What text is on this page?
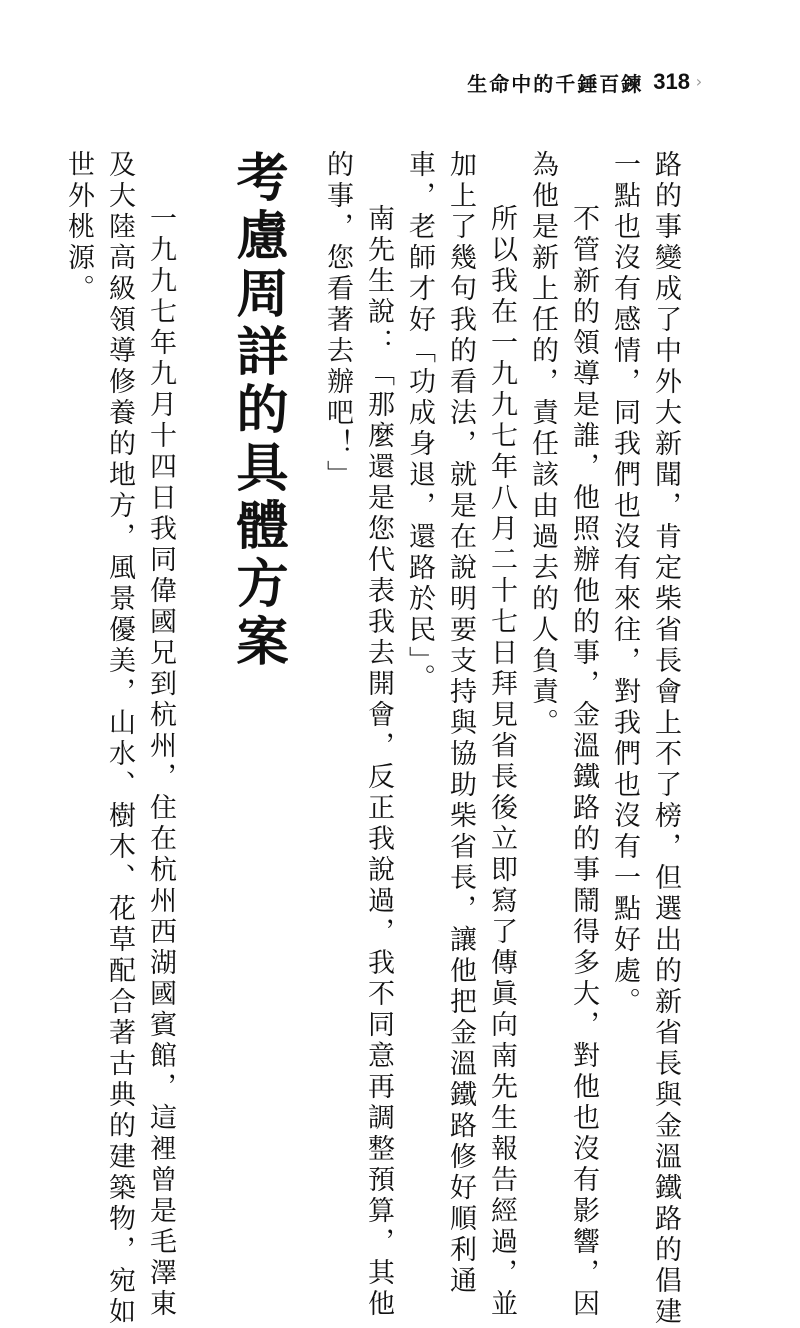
生命中的千錘百鍊 318 ›

路的事變成了中外大新聞，肯定柴省長會上不了榜，但選出的新省長與金溫鐵路的倡建

一點也沒有感情，同我們也沒有來往，對我們也沒有一點好處。

不管新的領導是誰，他照辦他的事，金溫鐵路的事鬧得多大，對他也沒有影響，因

為他是新上任的，責任該由過去的人負責。

所以我在一九九七年八月二十七日拜見省長後立即寫了傳眞向南先生報告經過，並

加上了幾句我的看法，就是在說明要支持與協助柴省長，讓他把金溫鐵路修好順利通

車，老師才好「功成身退，還路於民」。

南先生說：「那麼還是您代表我去開會，反正我說過，我不同意再調整預算，其他

的事，您看著去辦吧！」

考慮周詳的具體方案

一九九七年九月十四日我同偉國兄到杭州，住在杭州西湖國賓館，這裡曾是毛澤東

及大陸高級領導修養的地方，風景優美，山水、樹木、花草配合著古典的建築物，宛如

世外桃源。
